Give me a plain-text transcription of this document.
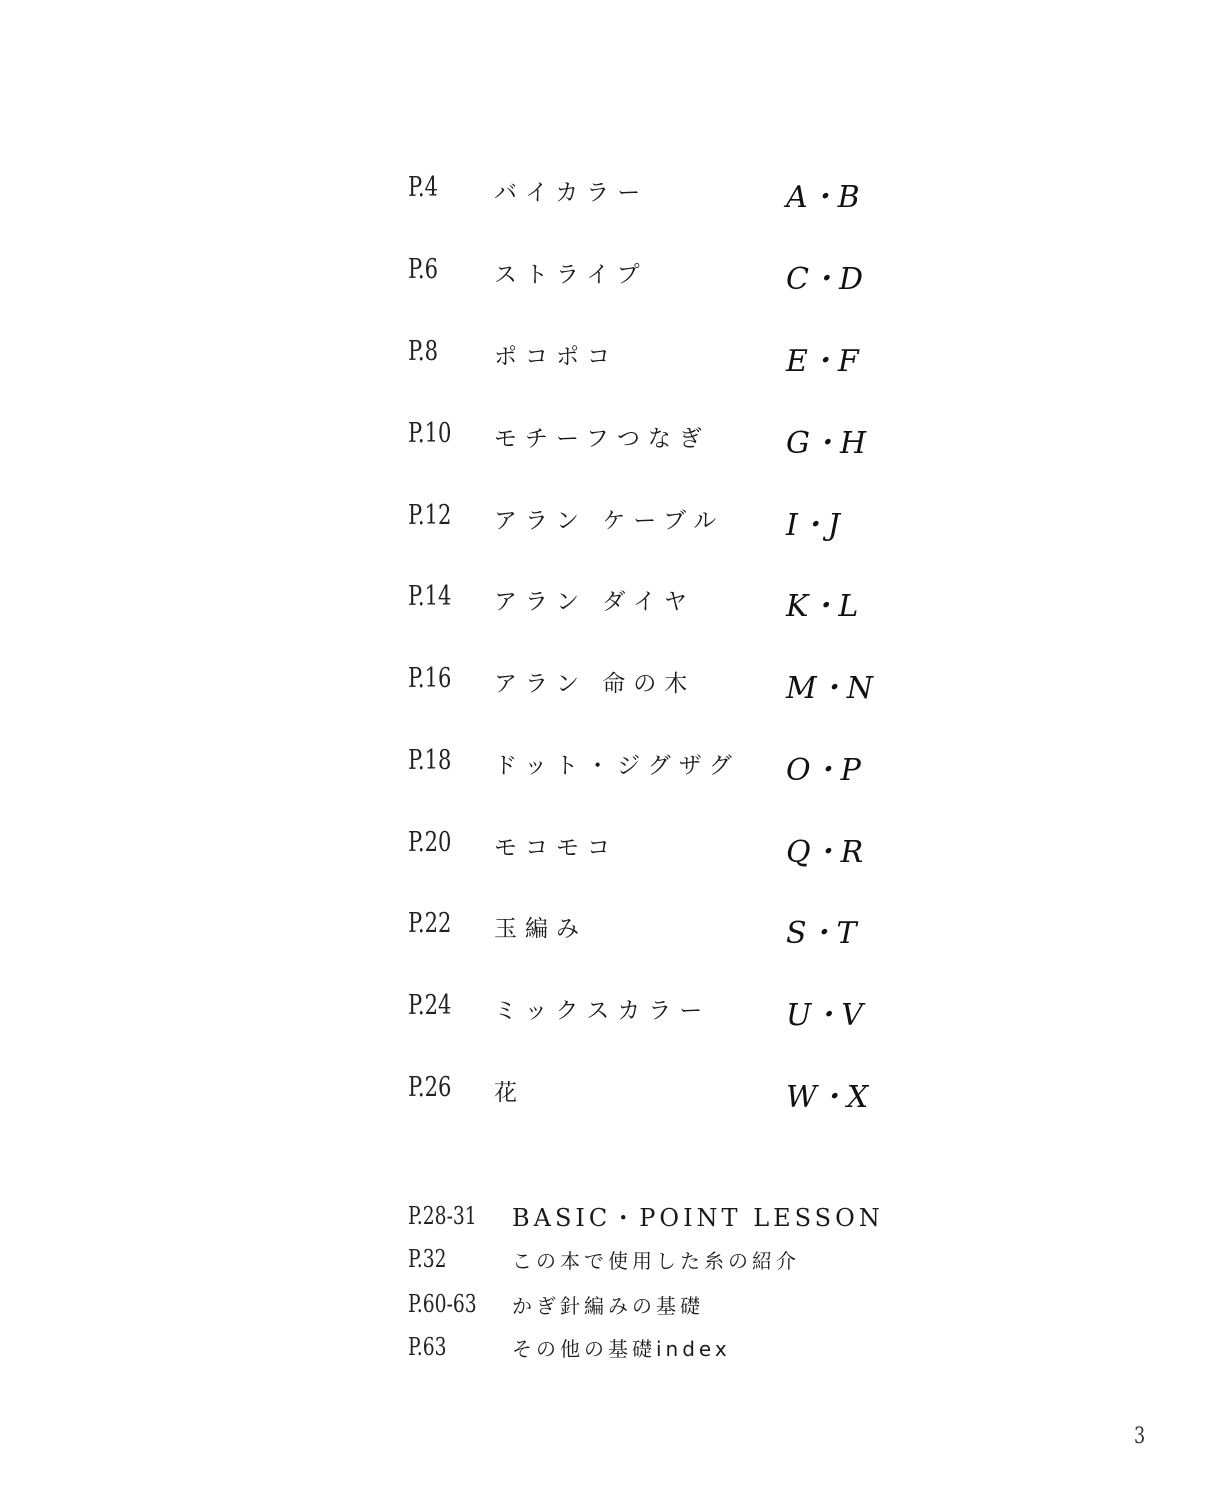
P.4 バイカラー	A・B
P.6 ストライプ	C・D
P.8 ポコポコ	E・F
P.10 モチーフつなぎ	G・H
P.12 アラン ケーブル I・J
P.14 アラン ダイヤ	K・L
P.16 アラン 命の木	M・N
P.18 ドット・ジグザグ O・P
P.20 モコモコ	Q・R
P.22 玉編み	S・T
P.24 ミックスカラー	U・V
P.26 花	W・X
P.28-31 BASIC・POINT LESSON
P.32	この本で使用した糸の紹介
P.60-63 かぎ針編みの基礎
P.63	その他の基礎index
3
